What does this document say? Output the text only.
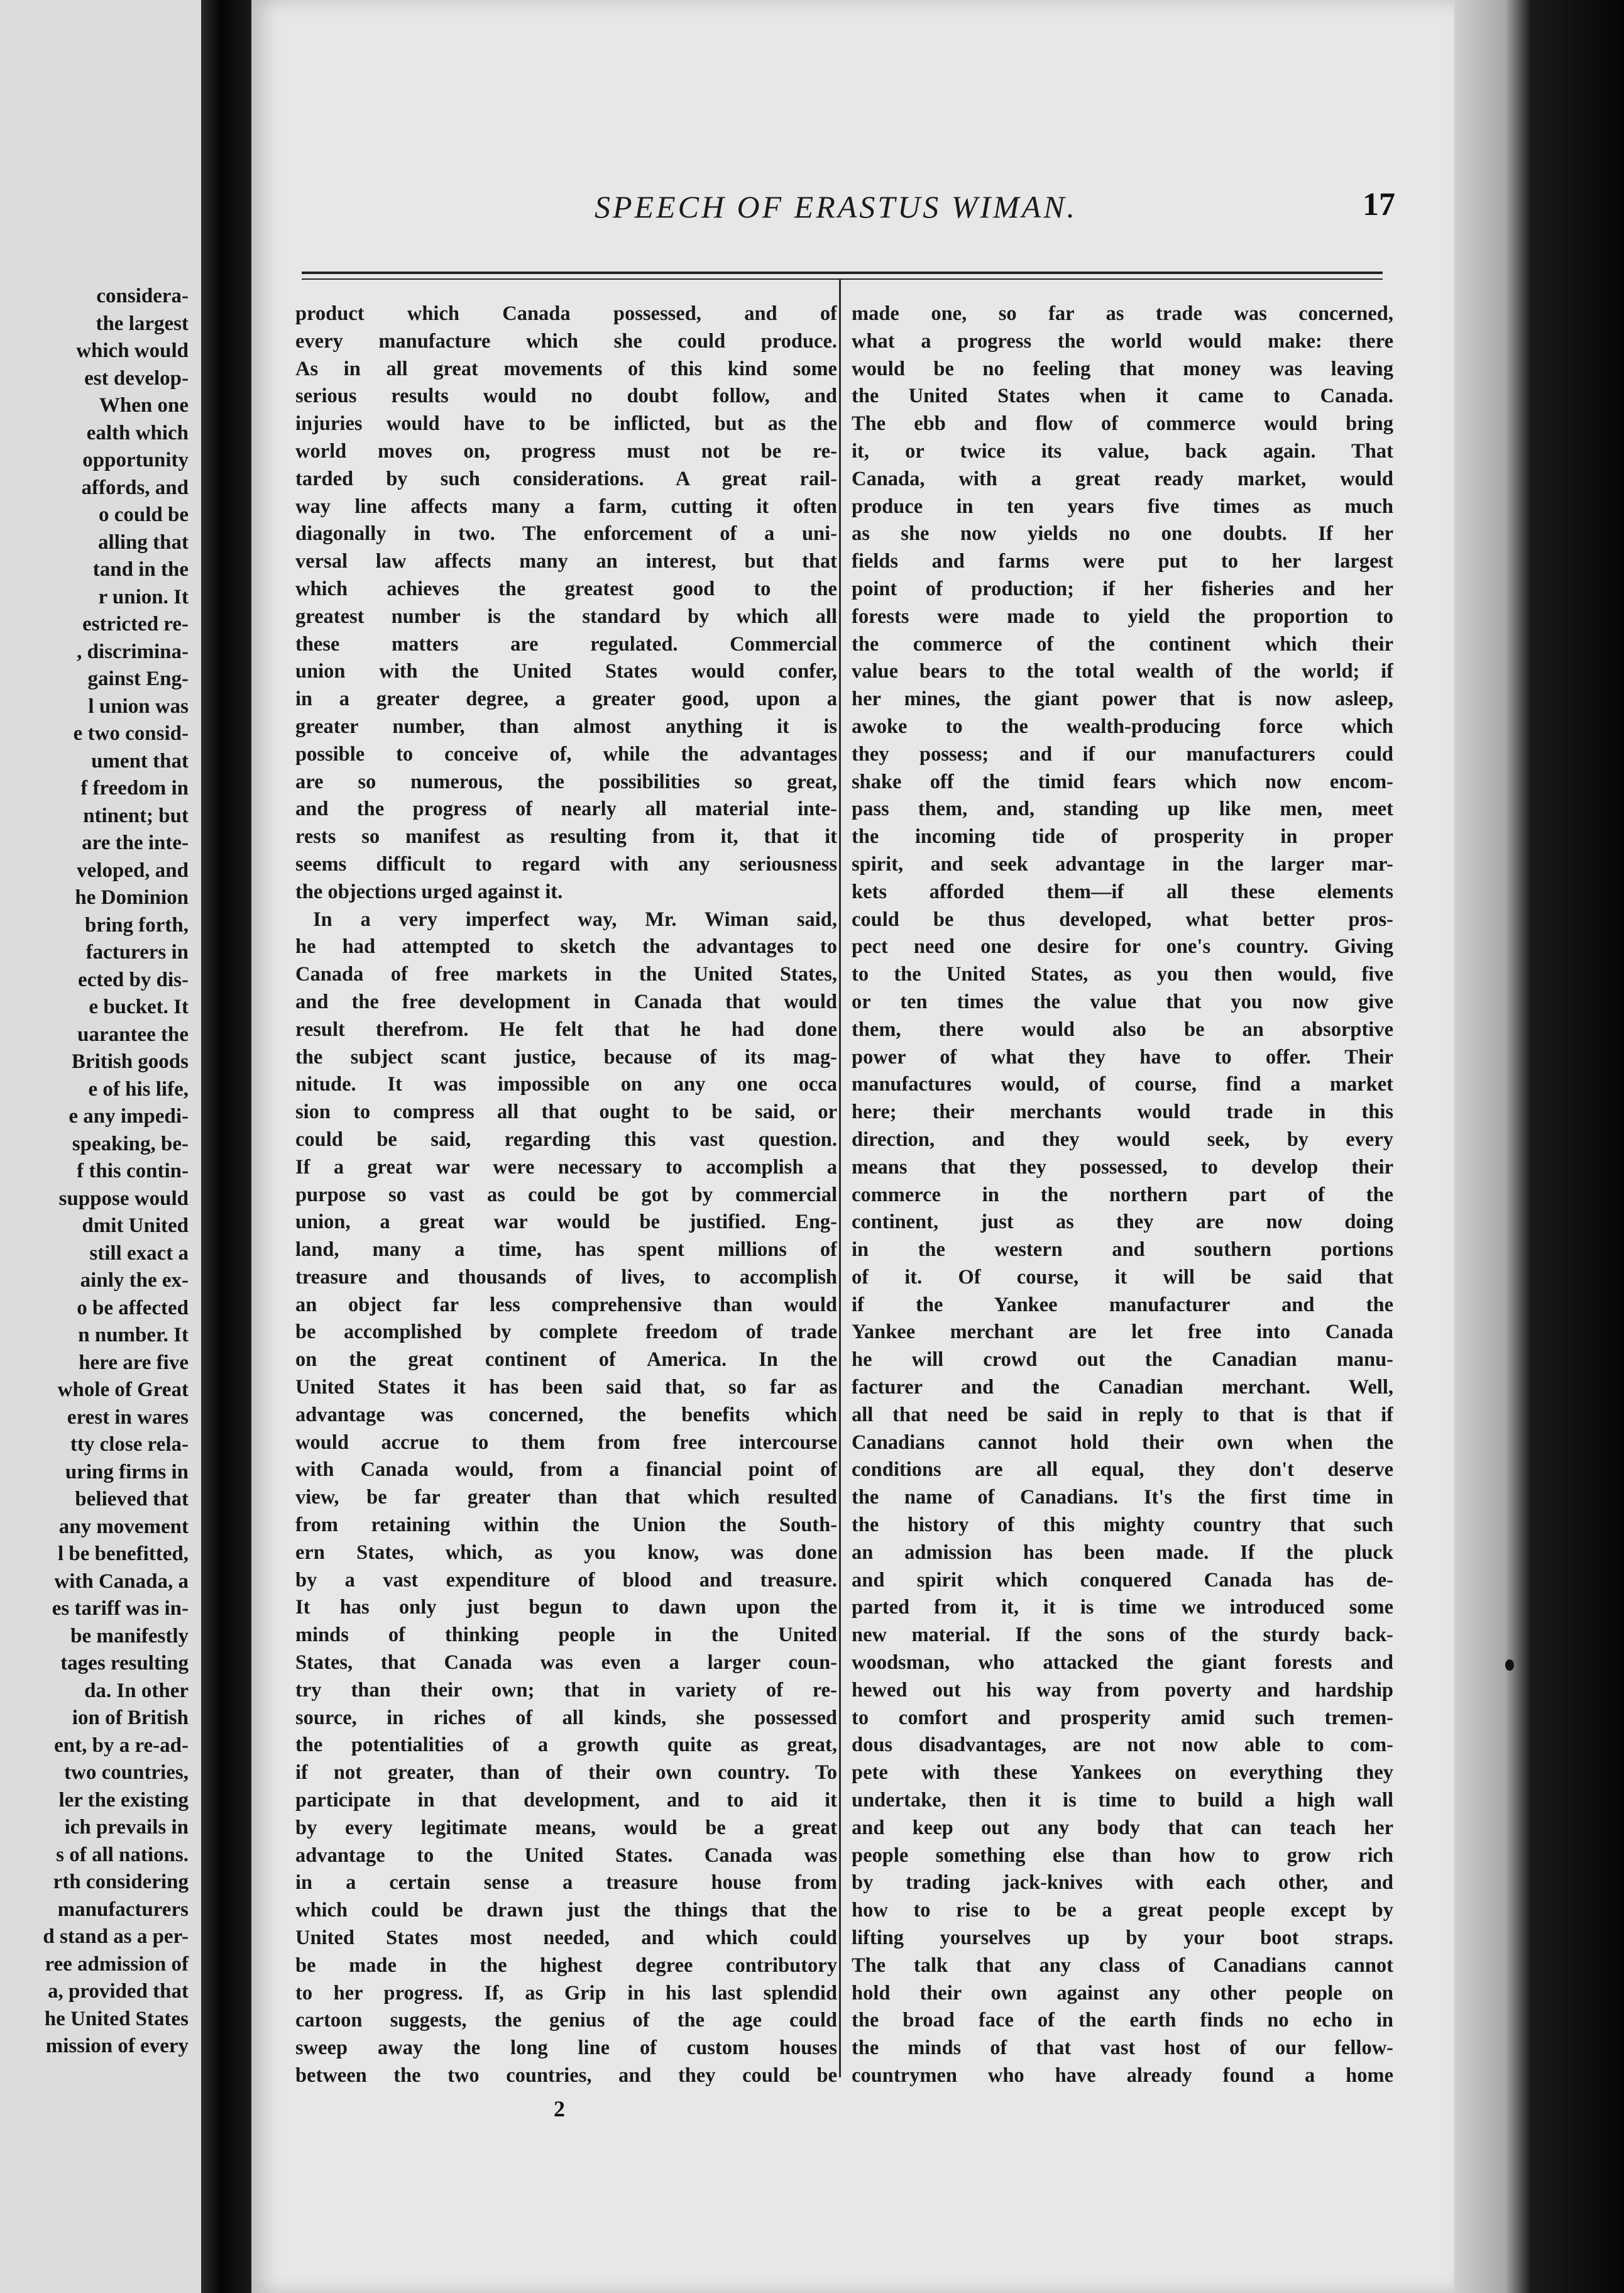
considera-
the largest
which would
est develop-
When one
ealth which
opportunity
affords, and
o could be
alling that
tand in the
r union. It
estricted re-
, discrimina-
gainst Eng-
l union was
e two consid-
ument that
f freedom in
ntinent; but
are the inte-
veloped, and
he Dominion
bring forth,
facturers in
ected by dis-
e bucket. It
uarantee the
British goods
e of his life,
e any impedi-
speaking, be-
f this contin-
suppose would
dmit United
still exact a
ainly the ex-
o be affected
n number. It
here are five
whole of Great
erest in wares
tty close rela-
uring firms in
believed that
any movement
l be benefitted,
with Canada, a
es tariff was in-
be manifestly
tages resulting
da. In other
ion of British
ent, by a re-ad-
two countries,
ler the existing
ich prevails in
s of all nations.
rth considering
manufacturers
d stand as a per-
ree admission of
a, provided that
he United States
mission of every
SPEECH OF ERASTUS WIMAN.	17
product which Canada possessed, and of
every manufacture which she could produce.
As in all great movements of this kind some
serious results would no doubt follow, and
injuries would have to be inflicted, but as the
world moves on, progress must not be re-
tarded by such considerations. A great rail-
way line affects many a farm, cutting it often
diagonally in two. The enforcement of a uni-
versal law affects many an interest, but that
which achieves the greatest good to the
greatest number is the standard by which all
these matters are regulated. Commercial
union with the United States would confer,
in a greater degree, a greater good, upon a
greater number, than almost anything it is
possible to conceive of, while the advantages
are so numerous, the possibilities so great,
and the progress of nearly all material inte-
rests so manifest as resulting from it, that it
seems difficult to regard with any seriousness
the objections urged against it.
In a very imperfect way, Mr. Wiman said,
he had attempted to sketch the advantages to
Canada of free markets in the United States,
and the free development in Canada that would
result therefrom. He felt that he had done
the subject scant justice, because of its mag-
nitude. It was impossible on any one occa
sion to compress all that ought to be said, or
could be said, regarding this vast question.
If a great war were necessary to accomplish a
purpose so vast as could be got by commercial
union, a great war would be justified. Eng-
land, many a time, has spent millions of
treasure and thousands of lives, to accomplish
an object far less comprehensive than would
be accomplished by complete freedom of trade
on the great continent of America. In the
United States it has been said that, so far as
advantage was concerned, the benefits which
would accrue to them from free intercourse
with Canada would, from a financial point of
view, be far greater than that which resulted
from retaining within the Union the South-
ern States, which, as you know, was done
by a vast expenditure of blood and treasure.
It has only just begun to dawn upon the
minds of thinking people in the United
States, that Canada was even a larger coun-
try than their own; that in variety of re-
source, in riches of all kinds, she possessed
the potentialities of a growth quite as great,
if not greater, than of their own country. To
participate in that development, and to aid it
by every legitimate means, would be a great
advantage to the United States. Canada was
in a certain sense a treasure house from
which could be drawn just the things that the
United States most needed, and which could
be made in the highest degree contributory
to her progress. If, as Grip in his last splendid
cartoon suggests, the genius of the age could
sweep away the long line of custom houses
between the two countries, and they could be
made one, so far as trade was concerned,
what a progress the world would make: there
would be no feeling that money was leaving
the United States when it came to Canada.
The ebb and flow of commerce would bring
it, or twice its value, back again. That
Canada, with a great ready market, would
produce in ten years five times as much
as she now yields no one doubts. If her
fields and farms were put to her largest
point of production; if her fisheries and her
forests were made to yield the proportion to
the commerce of the continent which their
value bears to the total wealth of the world; if
her mines, the giant power that is now asleep,
awoke to the wealth-producing force which
they possess; and if our manufacturers could
shake off the timid fears which now encom-
pass them, and, standing up like men, meet
the incoming tide of prosperity in proper
spirit, and seek advantage in the larger mar-
kets afforded them—if all these elements
could be thus developed, what better pros-
pect need one desire for one's country. Giving
to the United States, as you then would, five
or ten times the value that you now give
them, there would also be an absorptive
power of what they have to offer. Their
manufactures would, of course, find a market
here; their merchants would trade in this
direction, and they would seek, by every
means that they possessed, to develop their
commerce in the northern part of the
continent, just as they are now doing
in the western and southern portions
of it. Of course, it will be said that
if the Yankee manufacturer and the
Yankee merchant are let free into Canada
he will crowd out the Canadian manu-
facturer and the Canadian merchant. Well,
all that need be said in reply to that is that if
Canadians cannot hold their own when the
conditions are all equal, they don't deserve
the name of Canadians. It's the first time in
the history of this mighty country that such
an admission has been made. If the pluck
and spirit which conquered Canada has de-
parted from it, it is time we introduced some
new material. If the sons of the sturdy back-
woodsman, who attacked the giant forests and
hewed out his way from poverty and hardship
to comfort and prosperity amid such tremen-
dous disadvantages, are not now able to com-
pete with these Yankees on everything they
undertake, then it is time to build a high wall
and keep out any body that can teach her
people something else than how to grow rich
by trading jack-knives with each other, and
how to rise to be a great people except by
lifting yourselves up by your boot straps.
The talk that any class of Canadians cannot
hold their own against any other people on
the broad face of the earth finds no echo in
the minds of that vast host of our fellow-
countrymen who have already found a home
2
